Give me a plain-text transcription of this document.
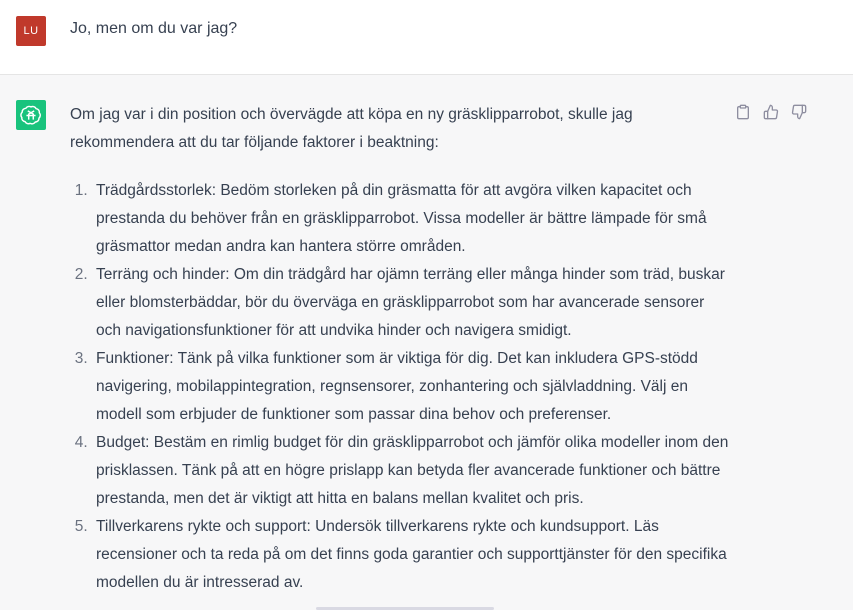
LU	Jo, men om du var jag?

Om jag var i din position och övervägde att köpa en ny gräsklipparrobot, skulle jag rekommendera att du tar följande faktorer i beaktning:

1. Trädgårdsstorlek: Bedöm storleken på din gräsmatta för att avgöra vilken kapacitet och prestanda du behöver från en gräsklipparrobot. Vissa modeller är bättre lämpade för små gräsmattor medan andra kan hantera större områden.
2. Terräng och hinder: Om din trädgård har ojämn terräng eller många hinder som träd, buskar eller blomsterbäddar, bör du överväga en gräsklipparrobot som har avancerade sensorer och navigationsfunktioner för att undvika hinder och navigera smidigt.
3. Funktioner: Tänk på vilka funktioner som är viktiga för dig. Det kan inkludera GPS-stödd navigering, mobilappintegration, regnsensorer, zonhantering och självladdning. Välj en modell som erbjuder de funktioner som passar dina behov och preferenser.
4. Budget: Bestäm en rimlig budget för din gräsklipparrobot och jämför olika modeller inom den prisklassen. Tänk på att en högre prislapp kan betyda fler avancerade funktioner och bättre prestanda, men det är viktigt att hitta en balans mellan kvalitet och pris.
5. Tillverkarens rykte och support: Undersök tillverkarens rykte och kundsupport. Läs recensioner och ta reda på om det finns goda garantier och supporttjänster för den specifika modellen du är intresserad av.
